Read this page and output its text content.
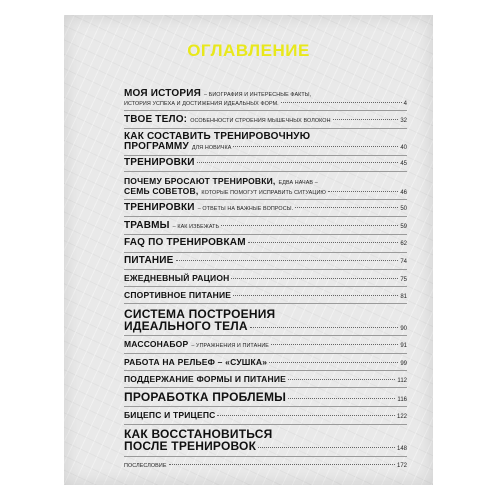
ОГЛАВЛЕНИЕ
МОЯ ИСТОРИЯ – БИОГРАФИЯ И ИНТЕРЕСНЫЕ ФАКТЫ,
ИСТОРИЯ УСПЕХА И ДОСТИЖЕНИЯ ИДЕАЛЬНЫХ ФОРМ.	4
ТВОЕ ТЕЛО: ОСОБЕННОСТИ СТРОЕНИЯ МЫШЕЧНЫХ ВОЛОКОН	32
КАК СОСТАВИТЬ ТРЕНИРОВОЧНУЮ
ПРОГРАММУ ДЛЯ НОВИЧКА	40
ТРЕНИРОВКИ	45
ПОЧЕМУ БРОСАЮТ ТРЕНИРОВКИ, ЕДВА НАЧАВ –
СЕМЬ СОВЕТОВ, КОТОРЫЕ ПОМОГУТ ИСПРАВИТЬ СИТУАЦИЮ	46
ТРЕНИРОВКИ – ОТВЕТЫ НА ВАЖНЫЕ ВОПРОСЫ.	50
ТРАВМЫ – КАК ИЗБЕЖАТЬ	59
FAQ ПО ТРЕНИРОВКАМ	62
ПИТАНИЕ	74
ЕЖЕДНЕВНЫЙ РАЦИОН	75
СПОРТИВНОЕ ПИТАНИЕ	81
СИСТЕМА ПОСТРОЕНИЯ
ИДЕАЛЬНОГО ТЕЛА	90
МАССОНАБОР – УПРАЖНЕНИЯ И ПИТАНИЕ	91
РАБОТА НА РЕЛЬЕФ – «СУШКА»	99
ПОДДЕРЖАНИЕ ФОРМЫ И ПИТАНИЕ	112
ПРОРАБОТКА ПРОБЛЕМЫ	116
БИЦЕПС И ТРИЦЕПС	122
КАК ВОССТАНОВИТЬСЯ
ПОСЛЕ ТРЕНИРОВОК	148
ПОСЛЕСЛОВИЕ	172
